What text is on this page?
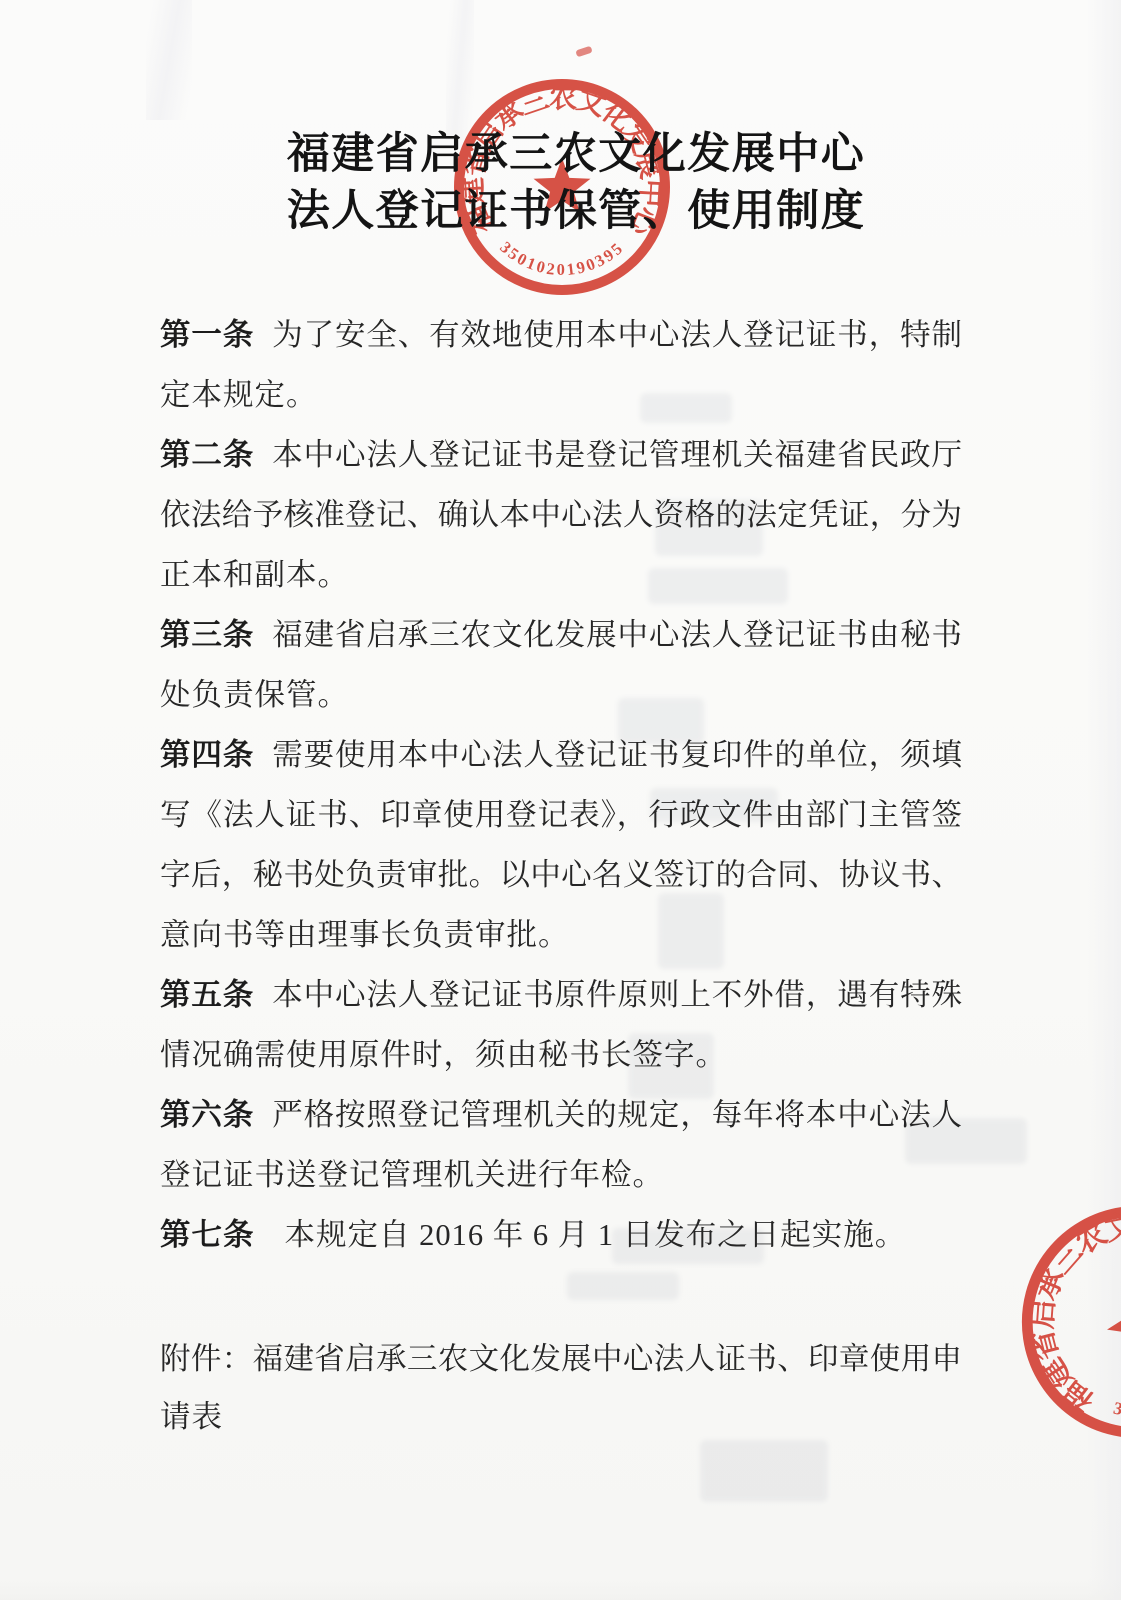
福建省启承三农文化发展中心
法人登记证书保管、使用制度
第一条 为了安全、有效地使用本中心法人登记证书，特制
定本规定。
第二条 本中心法人登记证书是登记管理机关福建省民政厅
依法给予核准登记、确认本中心法人资格的法定凭证，分为
正本和副本。
第三条 福建省启承三农文化发展中心法人登记证书由秘书
处负责保管。
第四条 需要使用本中心法人登记证书复印件的单位，须填
写《法人证书、印章使用登记表》，行政文件由部门主管签
字后，秘书处负责审批。以中心名义签订的合同、协议书、
意向书等由理事长负责审批。
第五条 本中心法人登记证书原件原则上不外借，遇有特殊
情况确需使用原件时，须由秘书长签字。
第六条 严格按照登记管理机关的规定，每年将本中心法人
登记证书送登记管理机关进行年检。
第七条 本规定自 2016 年 6 月 1 日发布之日起实施。
附件：福建省启承三农文化发展中心法人证书、印章使用申
请表
